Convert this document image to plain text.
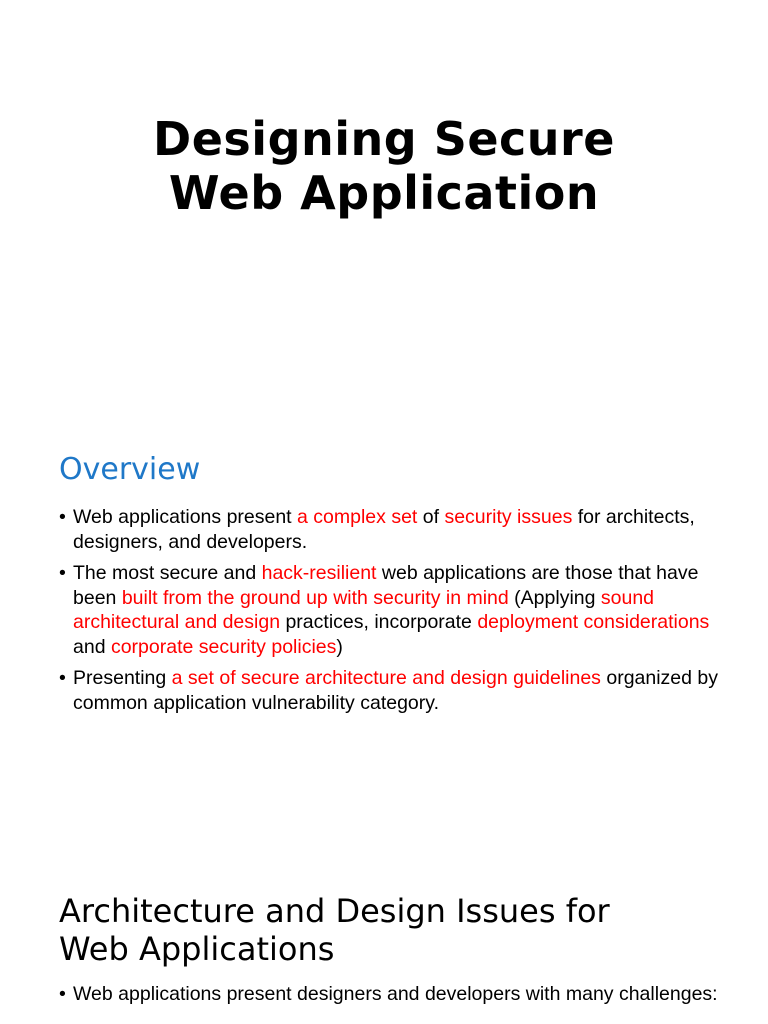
Designing Secure
Web Application
Overview
• Web applications present a complex set of security issues for architects, designers, and developers.
• The most secure and hack-resilient web applications are those that have been built from the ground up with security in mind (Applying sound architectural and design practices, incorporate deployment considerations and corporate security policies)
• Presenting a set of secure architecture and design guidelines organized by common application vulnerability category.
Architecture and Design Issues for
Web Applications
• Web applications present designers and developers with many challenges:
